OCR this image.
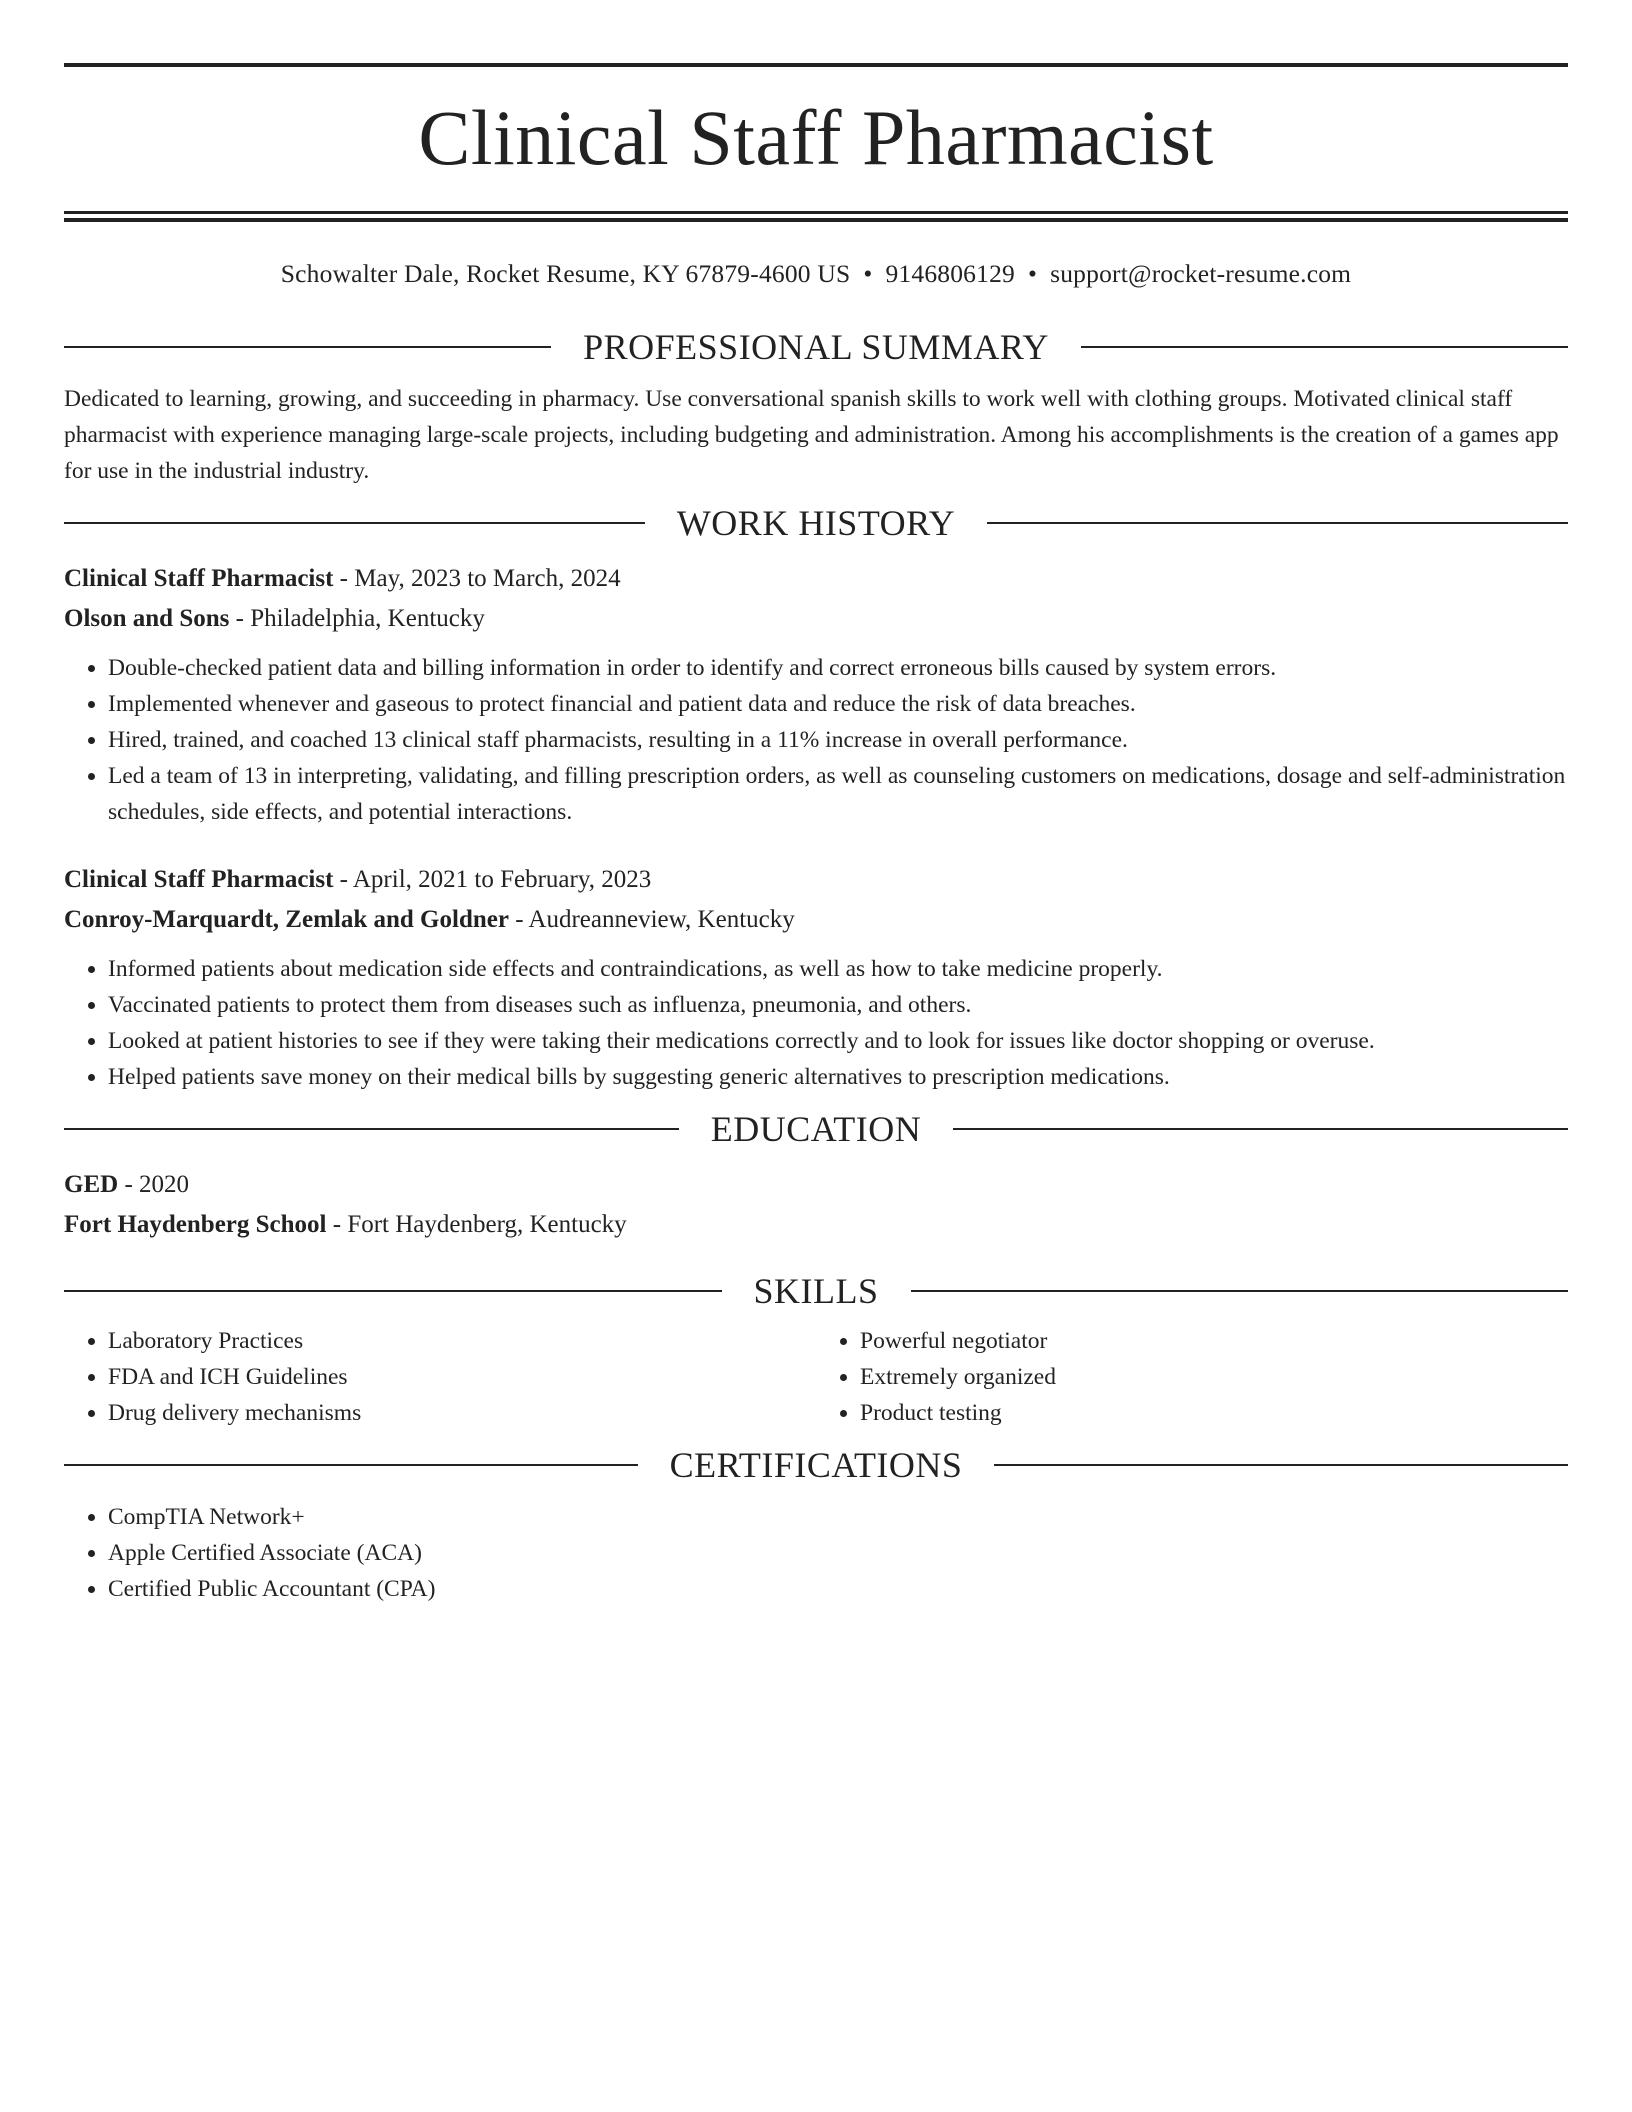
Clinical Staff Pharmacist
Schowalter Dale, Rocket Resume, KY 67879-4600 US • 9146806129 • support@rocket-resume.com
PROFESSIONAL SUMMARY

Dedicated to learning, growing, and succeeding in pharmacy. Use conversational spanish skills to work well with clothing groups. Motivated clinical staff pharmacist with experience managing large-scale projects, including budgeting and administration. Among his accomplishments is the creation of a games app for use in the industrial industry.

WORK HISTORY
Clinical Staff Pharmacist - May, 2023 to March, 2024
Olson and Sons - Philadelphia, Kentucky
• Double-checked patient data and billing information in order to identify and correct erroneous bills caused by system errors.
• Implemented whenever and gaseous to protect financial and patient data and reduce the risk of data breaches.
• Hired, trained, and coached 13 clinical staff pharmacists, resulting in a 11% increase in overall performance.
• Led a team of 13 in interpreting, validating, and filling prescription orders, as well as counseling customers on medications, dosage and self-administration schedules, side effects, and potential interactions.
Clinical Staff Pharmacist - April, 2021 to February, 2023
Conroy-Marquardt, Zemlak and Goldner - Audreanneview, Kentucky
• Informed patients about medication side effects and contraindications, as well as how to take medicine properly.
• Vaccinated patients to protect them from diseases such as influenza, pneumonia, and others.
• Looked at patient histories to see if they were taking their medications correctly and to look for issues like doctor shopping or overuse.
• Helped patients save money on their medical bills by suggesting generic alternatives to prescription medications.
EDUCATION
GED - 2020
Fort Haydenberg School - Fort Haydenberg, Kentucky
SKILLS
• Laboratory Practices
• FDA and ICH Guidelines
• Drug delivery mechanisms
• Powerful negotiator
• Extremely organized
• Product testing
CERTIFICATIONS
• CompTIA Network+
• Apple Certified Associate (ACA)
• Certified Public Accountant (CPA)
